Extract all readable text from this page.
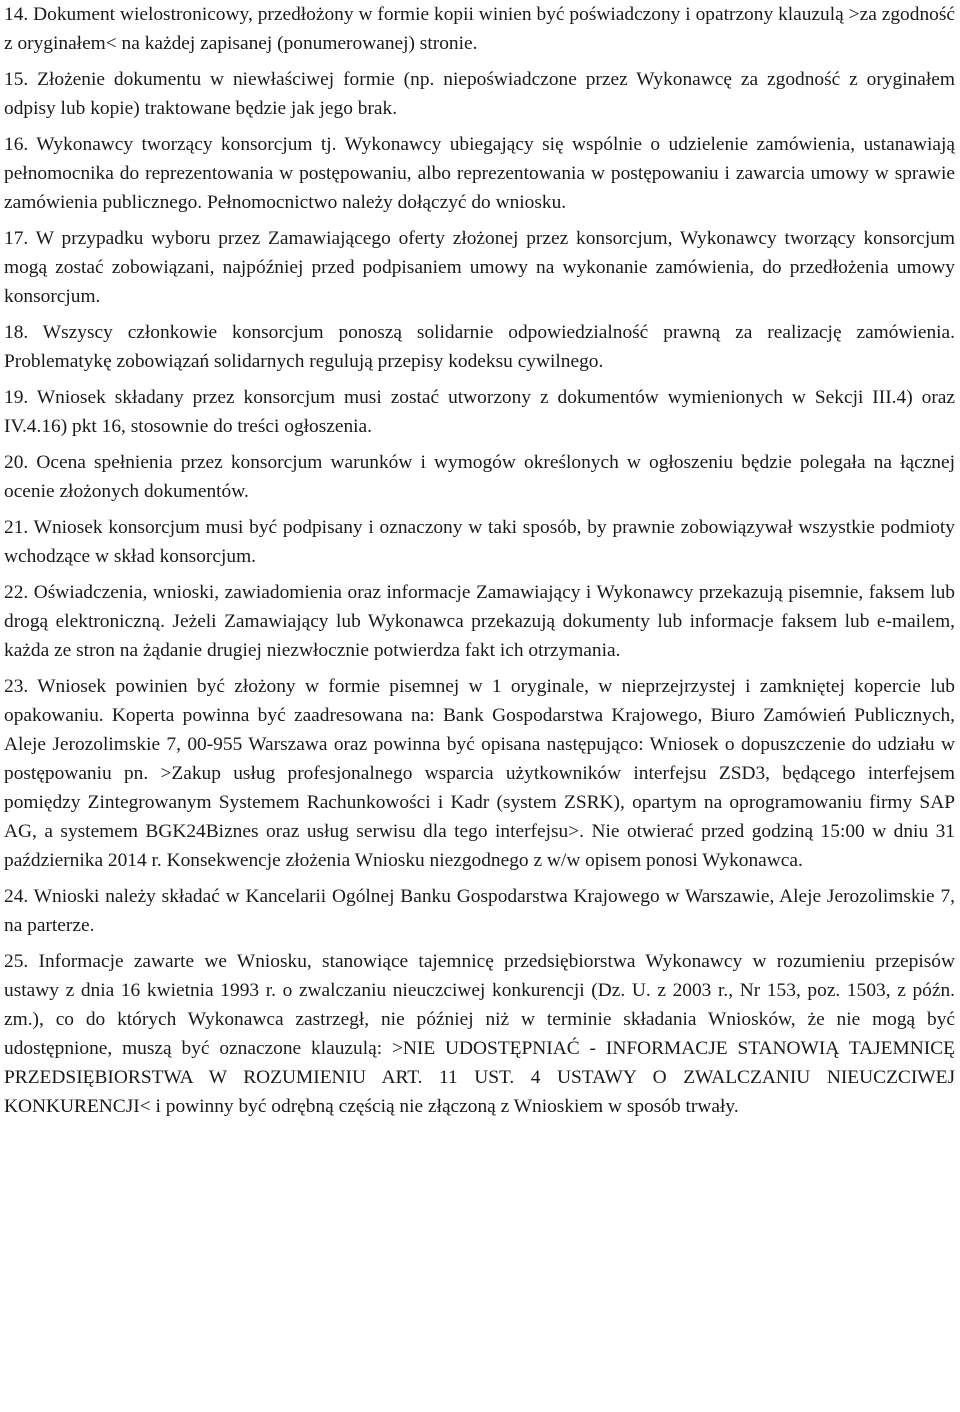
14. Dokument wielostronicowy, przedłożony w formie kopii winien być poświadczony i opatrzony klauzulą >za zgodność z oryginałem< na każdej zapisanej (ponumerowanej) stronie.

15. Złożenie dokumentu w niewłaściwej formie (np. niepoświadczone przez Wykonawcę za zgodność z oryginałem odpisy lub kopie) traktowane będzie jak jego brak.

16. Wykonawcy tworzący konsorcjum tj. Wykonawcy ubiegający się wspólnie o udzielenie zamówienia, ustanawiają pełnomocnika do reprezentowania w postępowaniu, albo reprezentowania w postępowaniu i zawarcia umowy w sprawie zamówienia publicznego. Pełnomocnictwo należy dołączyć do wniosku.

17. W przypadku wyboru przez Zamawiającego oferty złożonej przez konsorcjum, Wykonawcy tworzący konsorcjum mogą zostać zobowiązani, najpóźniej przed podpisaniem umowy na wykonanie zamówienia, do przedłożenia umowy konsorcjum.

18. Wszyscy członkowie konsorcjum ponoszą solidarnie odpowiedzialność prawną za realizację zamówienia. Problematykę zobowiązań solidarnych regulują przepisy kodeksu cywilnego.

19. Wniosek składany przez konsorcjum musi zostać utworzony z dokumentów wymienionych w Sekcji III.4) oraz IV.4.16) pkt 16, stosownie do treści ogłoszenia.

20. Ocena spełnienia przez konsorcjum warunków i wymogów określonych w ogłoszeniu będzie polegała na łącznej ocenie złożonych dokumentów.

21. Wniosek konsorcjum musi być podpisany i oznaczony w taki sposób, by prawnie zobowiązywał wszystkie podmioty wchodzące w skład konsorcjum.

22. Oświadczenia, wnioski, zawiadomienia oraz informacje Zamawiający i Wykonawcy przekazują pisemnie, faksem lub drogą elektroniczną. Jeżeli Zamawiający lub Wykonawca przekazują dokumenty lub informacje faksem lub e-mailem, każda ze stron na żądanie drugiej niezwłocznie potwierdza fakt ich otrzymania.

23. Wniosek powinien być złożony w formie pisemnej w 1 oryginale, w nieprzejrzystej i zamkniętej kopercie lub opakowaniu. Koperta powinna być zaadresowana na: Bank Gospodarstwa Krajowego, Biuro Zamówień Publicznych, Aleje Jerozolimskie 7, 00-955 Warszawa oraz powinna być opisana następująco: Wniosek o dopuszczenie do udziału w postępowaniu pn. >Zakup usług profesjonalnego wsparcia użytkowników interfejsu ZSD3, będącego interfejsem pomiędzy Zintegrowanym Systemem Rachunkowości i Kadr (system ZSRK), opartym na oprogramowaniu firmy SAP AG, a systemem BGK24Biznes oraz usług serwisu dla tego interfejsu>. Nie otwierać przed godziną 15:00 w dniu 31 października 2014 r. Konsekwencje złożenia Wniosku niezgodnego z w/w opisem ponosi Wykonawca.

24. Wnioski należy składać w Kancelarii Ogólnej Banku Gospodarstwa Krajowego w Warszawie, Aleje Jerozolimskie 7, na parterze.

25. Informacje zawarte we Wniosku, stanowiące tajemnicę przedsiębiorstwa Wykonawcy w rozumieniu przepisów ustawy z dnia 16 kwietnia 1993 r. o zwalczaniu nieuczciwej konkurencji (Dz. U. z 2003 r., Nr 153, poz. 1503, z późn. zm.), co do których Wykonawca zastrzegł, nie później niż w terminie składania Wniosków, że nie mogą być udostępnione, muszą być oznaczone klauzulą: >NIE UDOSTĘPNIAĆ - INFORMACJE STANOWIĄ TAJEMNICĘ PRZEDSIĘBIORSTWA W ROZUMIENIU ART. 11 UST. 4 USTAWY O ZWALCZANIU NIEUCZCIWEJ KONKURENCJI< i powinny być odrębną częścią nie złączoną z Wnioskiem w sposób trwały.
